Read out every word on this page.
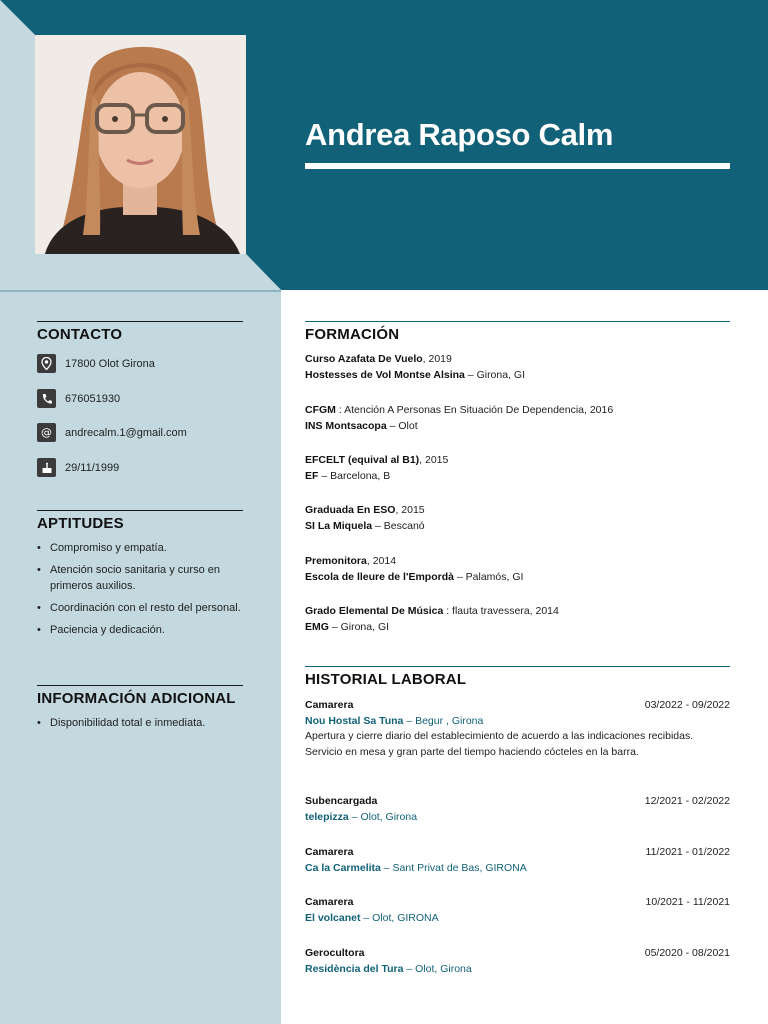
Andrea Raposo Calm
CONTACTO
17800 Olot Girona
676051930
@	andrecalm.1@gmail.com
29/11/1999
APTITUDES
• Compromiso y empatía.
• Atención socio sanitaria y curso en primeros auxilios.
• Coordinación con el resto del personal.
• Paciencia y dedicación.
INFORMACIÓN ADICIONAL
• Disponibilidad total e inmediata.
FORMACIÓN
Curso Azafata De Vuelo, 2019
Hostesses de Vol Montse Alsina – Girona, GI
CFGM : Atención A Personas En Situación De Dependencia, 2016
INS Montsacopa – Olot
EFCELT (equival al B1), 2015
EF – Barcelona, B
Graduada En ESO, 2015
SI La Miquela – Bescanó
Premonitora, 2014
Escola de lleure de l'Empordà – Palamós, GI
Grado Elemental De Música : flauta travessera, 2014
EMG – Girona, GI
HISTORIAL LABORAL
Camarera	03/2022 - 09/2022
Nou Hostal Sa Tuna – Begur , Girona
Apertura y cierre diario del establecimiento de acuerdo a las indicaciones recibidas.
Servicio en mesa y gran parte del tiempo haciendo cócteles en la barra.
Subencargada	12/2021 - 02/2022
telepizza – Olot, Girona
Camarera	11/2021 - 01/2022
Ca la Carmelita – Sant Privat de Bas, GIRONA
Camarera	10/2021 - 11/2021
El volcanet – Olot, GIRONA
Gerocultora	05/2020 - 08/2021
Residència del Tura – Olot, Girona
